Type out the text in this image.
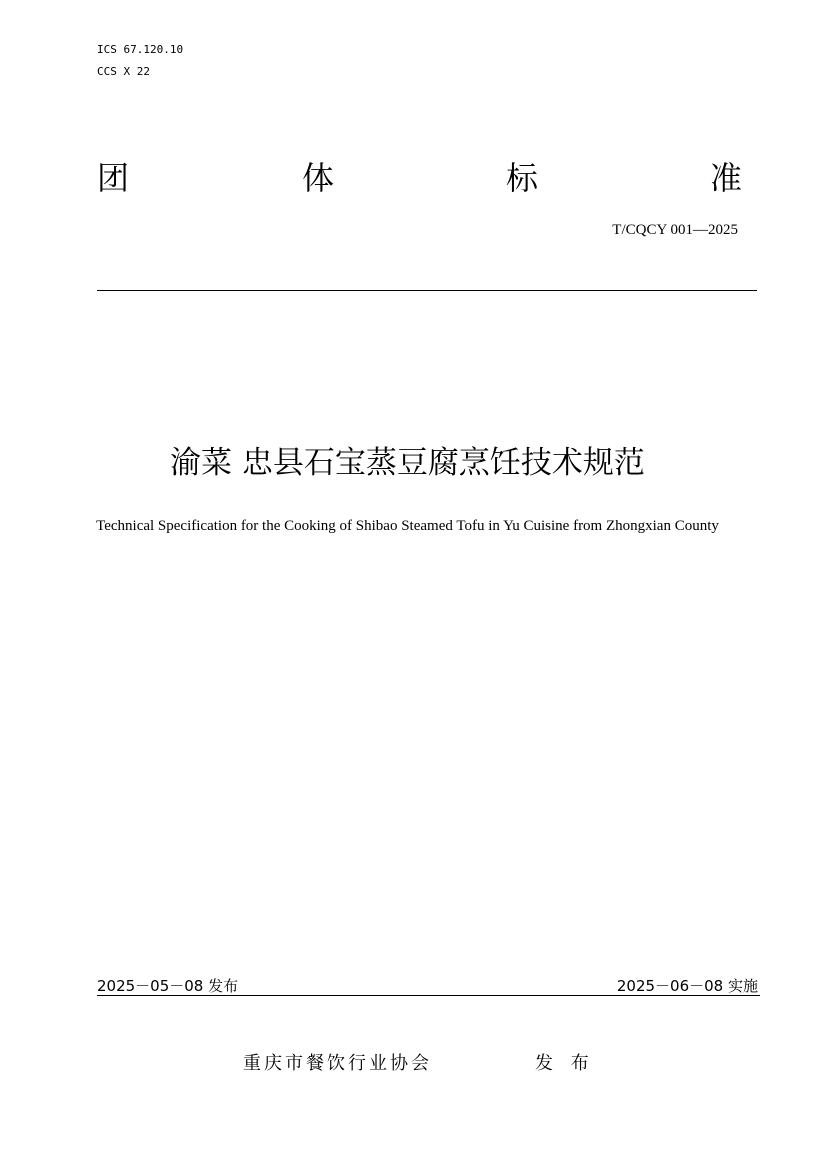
ICS 67.120.10
CCS X 22
团	体	标	准
T/CQCY 001—2025
渝菜 忠县石宝蒸豆腐烹饪技术规范
Technical Specification for the Cooking of Shibao Steamed Tofu in Yu Cuisine from Zhongxian County
2025－05－08 发布	2025－06－08 实施
重庆市餐饮行业协会	发 布
